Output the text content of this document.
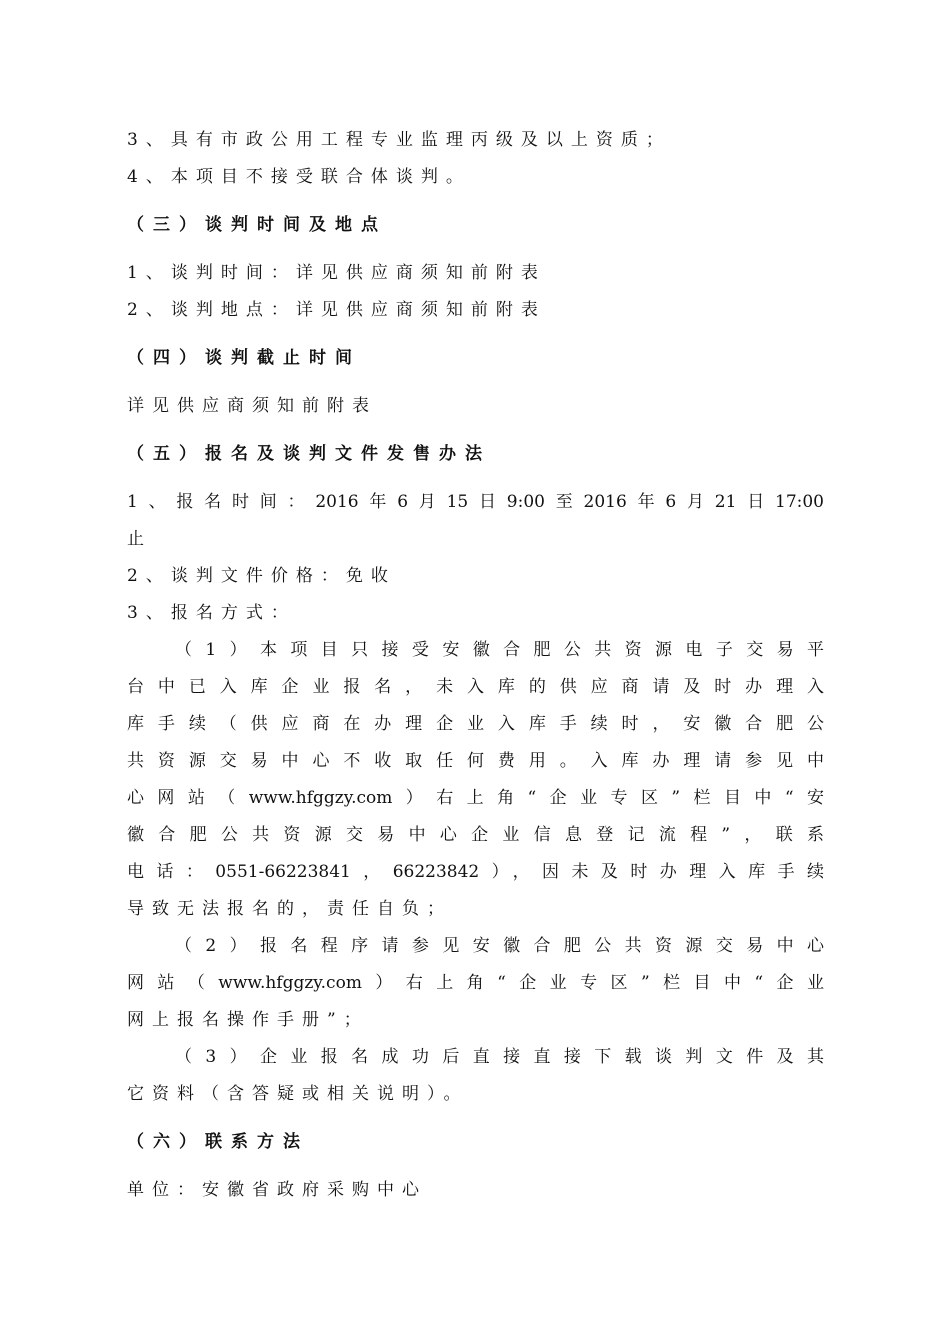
3、具有市政公用工程专业监理丙级及以上资质；

4、本项目不接受联合体谈判。

（三）谈判时间及地点

1、谈判时间：详见供应商须知前附表

2、谈判地点：详见供应商须知前附表

（四）谈判截止时间

详见供应商须知前附表

（五）报名及谈判文件发售办法

1、报名时间：2016年6月15日9:00至2016年6月21日17:00

止

2、谈判文件价格：免收

3、报名方式：

（1）本项目只接受安徽合肥公共资源电子交易平

台中已入库企业报名，未入库的供应商请及时办理入

库手续（供应商在办理企业入库手续时，安徽合肥公

共资源交易中心不收取任何费用。入库办理请参见中

心网站（www.hfggzy.com）右上角“企业专区”栏目中“安

徽合肥公共资源交易中心企业信息登记流程”，联系

电话：0551-66223841，66223842），因未及时办理入库手续

导致无法报名的，责任自负；

（2）报名程序请参见安徽合肥公共资源交易中心

网站（www.hfggzy.com）右上角“企业专区”栏目中“企业

网上报名操作手册”；

（3）企业报名成功后直接直接下载谈判文件及其

它资料（含答疑或相关说明）。

（六）联系方法

单位：安徽省政府采购中心
